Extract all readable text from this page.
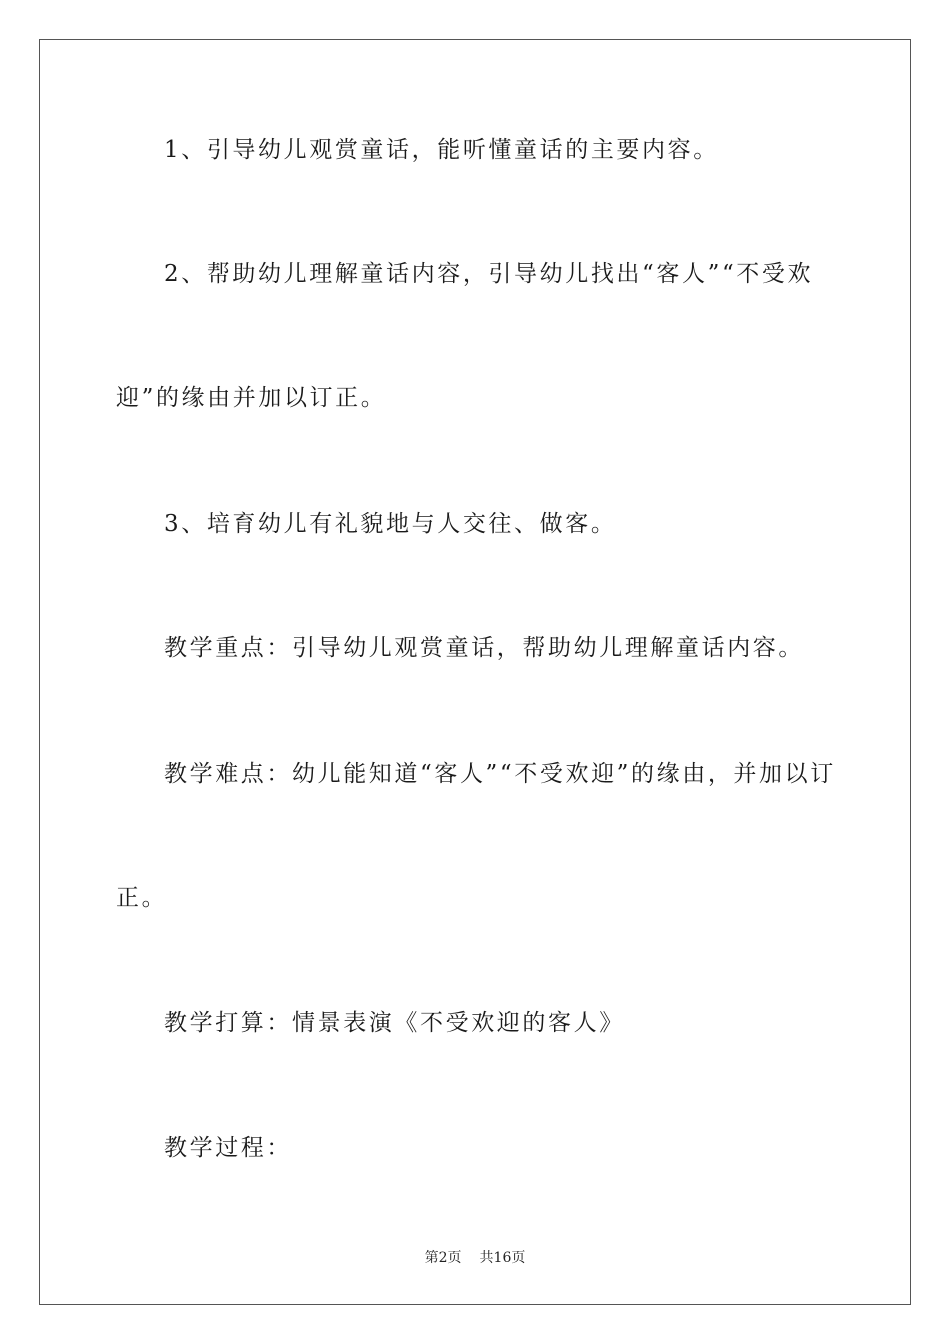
1、引导幼儿观赏童话，能听懂童话的主要内容。
2、帮助幼儿理解童话内容，引导幼儿找出“客人”“不受欢
迎”的缘由并加以订正。
3、培育幼儿有礼貌地与人交往、做客。
教学重点：引导幼儿观赏童话，帮助幼儿理解童话内容。
教学难点：幼儿能知道“客人”“不受欢迎”的缘由，并加以订
正。
教学打算：情景表演《不受欢迎的客人》
教学过程：
第2页 共16页
